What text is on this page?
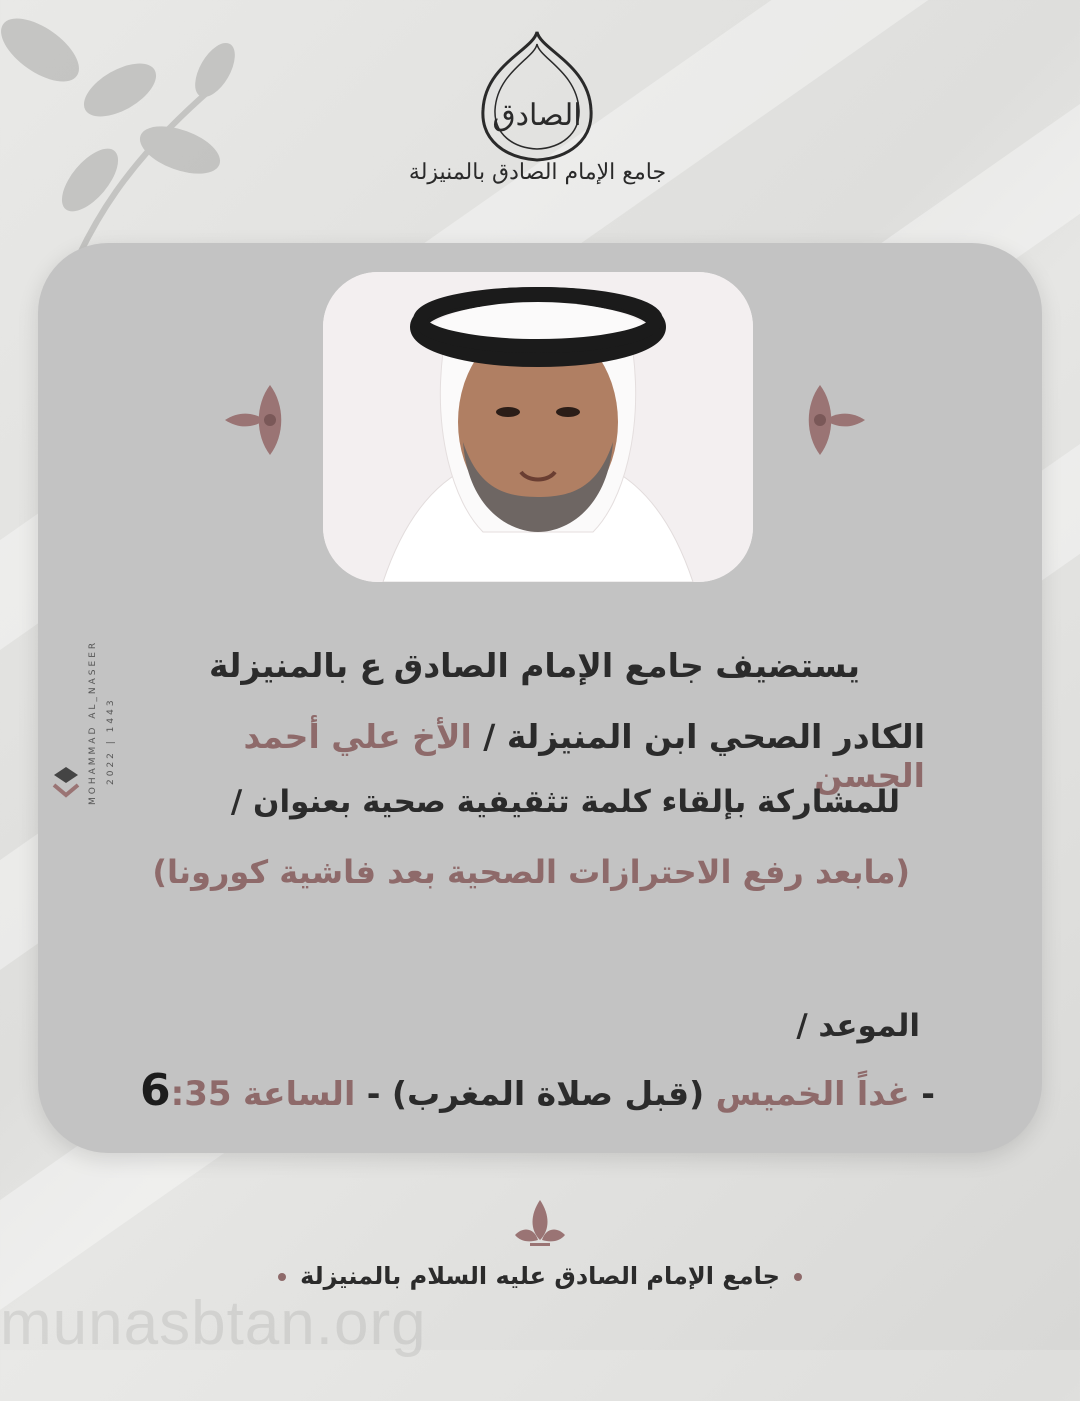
الصادق
جامع الإمام الصادق بالمنيزلة
MOHAMMAD AL_NASEER 2022 | 1443
يستضيف جامع الإمام الصادق ع بالمنيزلة
الكادر الصحي ابن المنيزلة / الأخ علي أحمد الحسن
للمشاركة بإلقاء كلمة تثقيفية صحية بعنوان /
(مابعد رفع الاحترازات الصحية بعد فاشية كورونا)
الموعد /
- غداً الخميس (قبل صلاة المغرب) - الساعة 6:35
جامع الإمام الصادق عليه السلام بالمنيزلة
munasbtan.org
